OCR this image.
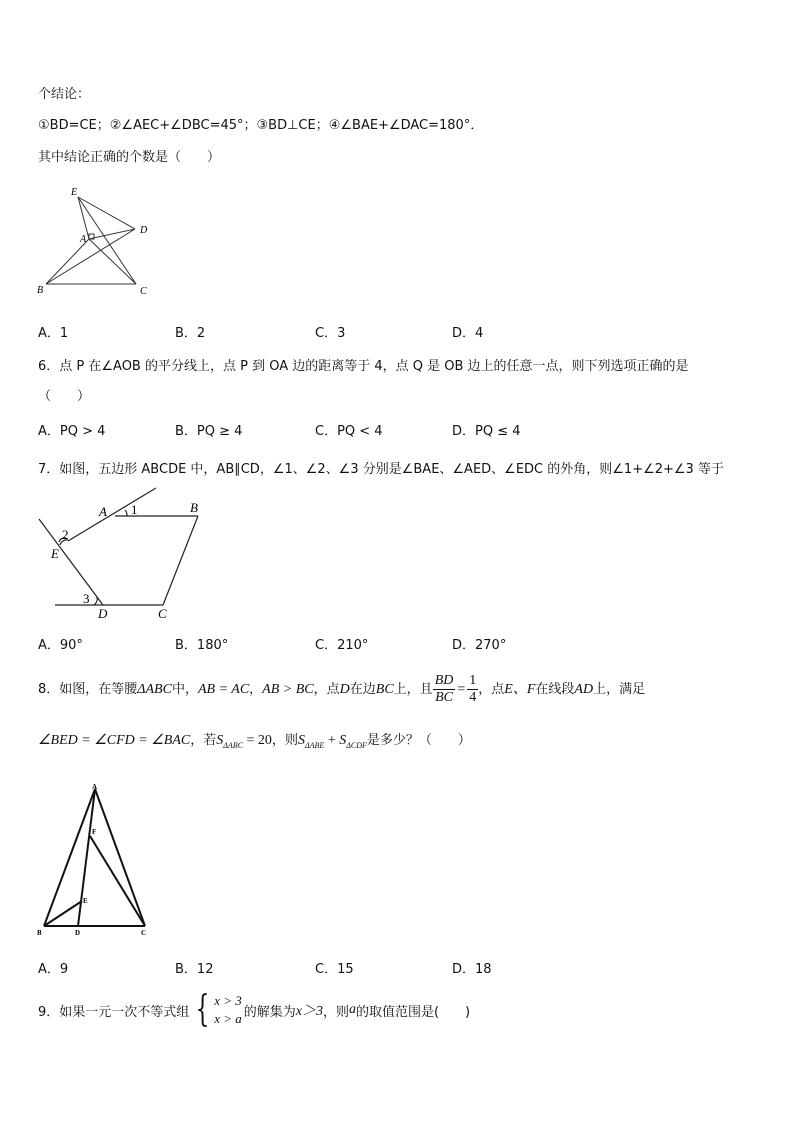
个结论：
①BD=CE；②∠AEC+∠DBC=45°；③BD⊥CE；④∠BAE+∠DAC=180°．
其中结论正确的个数是（　　）
E
A
D
B	C
A．1	B．2	C．3	D．4
6．点 P 在∠AOB 的平分线上，点 P 到 OA 边的距离等于 4，点 Q 是 OB 边上的任意一点，则下列选项正确的是
（　　）
A．PQ > 4	B．PQ ≥ 4	C．PQ < 4	D．PQ ≤ 4
7．如图，五边形 ABCDE 中，AB∥CD，∠1、∠2、∠3 分别是∠BAE、∠AED、∠EDC 的外角，则∠1+∠2+∠3 等于
A 1	B
2
E
3
D	C
A．90°	B．180°	C．210°	D．270°
8．如图，在等腰ΔABC中，AB = AC，AB > BC，点D在边BC上，且 $\frac{BD}{BC} = \frac{1}{4}$ ，点E、F在线段AD上，满足
∠BED = ∠CFD = ∠BAC，若$S_{\Delta ABC} = 20$，则$S_{\Delta ABE} + S_{\Delta CDF}$是多少？（　　）
A
F
E
B	D	C
A．9	B．12	C．15	D．18
9．如果一元一次不等式组 { x > 3
x > a 的解集为 x＞3 ，则 a 的取值范围是(　　)
